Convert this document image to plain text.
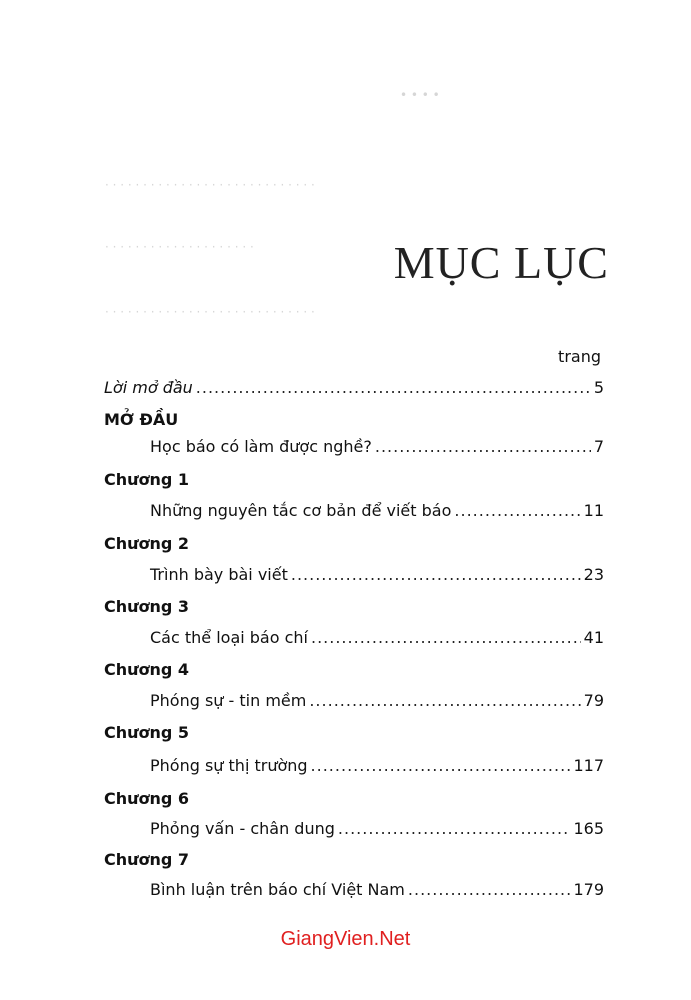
• • • •
· · · · · · · · · · · · · · · · · · · · · · · · · · · ·
· · · · · · · · · · · · · · · · · · · ·
· · · · · · · · · · · · · · · · · · · · · · · · · · · ·
MỤC LỤC
trang
Lời mở đầu .....	5
MỞ ĐẦU
Học báo có làm được nghề? .....	7
Chương 1
Những nguyên tắc cơ bản để viết báo .....	11
Chương 2
Trình bày bài viết .....	23
Chương 3
Các thể loại báo chí .....	41
Chương 4
Phóng sự - tin mềm .....	79
Chương 5
Phóng sự thị trường .....	117
Chương 6
Phỏng vấn - chân dung .....	165
Chương 7
Bình luận trên báo chí Việt Nam .....	179
GiangVien.Net
